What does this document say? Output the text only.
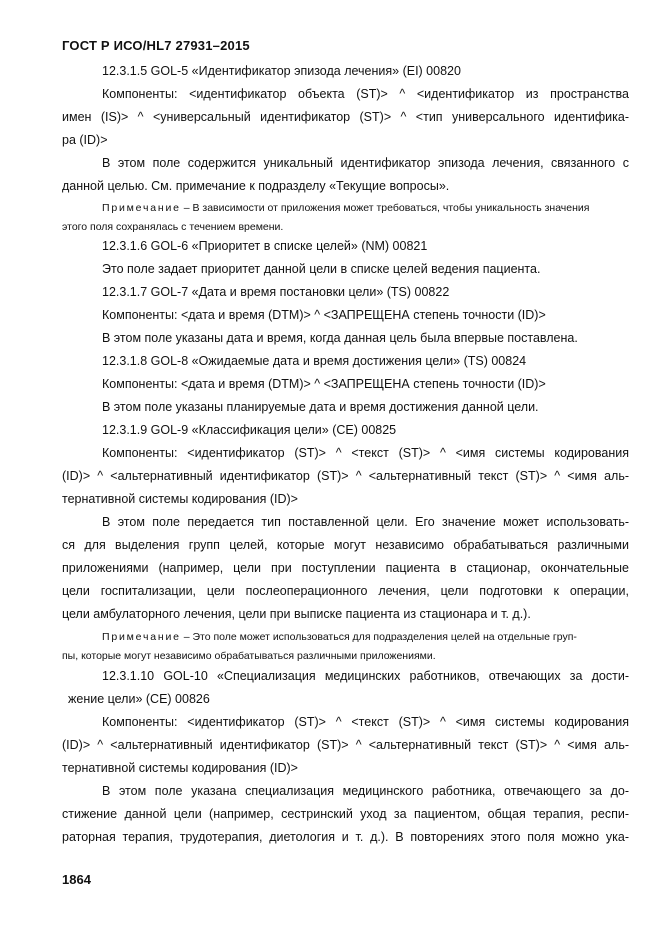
ГОСТ Р ИСО/HL7 27931–2015
12.3.1.5 GOL-5 «Идентификатор эпизода лечения» (EI) 00820
Компоненты: <идентификатор объекта (ST)> ^ <идентификатор из пространства
имен (IS)> ^ <универсальный идентификатор (ST)> ^ <тип универсального идентифика-
ра (ID)>
В этом поле содержится уникальный идентификатор эпизода лечения, связанного с
данной целью. См. примечание к подразделу «Текущие вопросы».
Примечание – В зависимости от приложения может требоваться, чтобы уникальность значения
этого поля сохранялась с течением времени.
12.3.1.6 GOL-6 «Приоритет в списке целей» (NM) 00821
Это поле задает приоритет данной цели в списке целей ведения пациента.
12.3.1.7 GOL-7 «Дата и время постановки цели» (TS) 00822
Компоненты: <дата и время (DTM)> ^ <ЗАПРЕЩЕНА степень точности (ID)>
В этом поле указаны дата и время, когда данная цель была впервые поставлена.
12.3.1.8 GOL-8 «Ожидаемые дата и время достижения цели» (TS) 00824
Компоненты: <дата и время (DTM)> ^ <ЗАПРЕЩЕНА степень точности (ID)>
В этом поле указаны планируемые дата и время достижения данной цели.
12.3.1.9 GOL-9 «Классификация цели» (CE) 00825
Компоненты: <идентификатор (ST)> ^ <текст (ST)> ^ <имя системы кодирования
(ID)> ^ <альтернативный идентификатор (ST)> ^ <альтернативный текст (ST)> ^ <имя аль-
тернативной системы кодирования (ID)>
В этом поле передается тип поставленной цели. Его значение может использовать-
ся для выделения групп целей, которые могут независимо обрабатываться различными
приложениями (например, цели при поступлении пациента в стационар, окончательные
цели госпитализации, цели послеоперационного лечения, цели подготовки к операции,
цели амбулаторного лечения, цели при выписке пациента из стационара и т. д.).
Примечание – Это поле может использоваться для подразделения целей на отдельные груп-
пы, которые могут независимо обрабатываться различными приложениями.
12.3.1.10 GOL-10 «Специализация медицинских работников, отвечающих за дости-
жение цели» (CE) 00826
Компоненты: <идентификатор (ST)> ^ <текст (ST)> ^ <имя системы кодирования
(ID)> ^ <альтернативный идентификатор (ST)> ^ <альтернативный текст (ST)> ^ <имя аль-
тернативной системы кодирования (ID)>
В этом поле указана специализация медицинского работника, отвечающего за до-
стижение данной цели (например, сестринский уход за пациентом, общая терапия, респи-
раторная терапия, трудотерапия, диетология и т. д.). В повторениях этого поля можно ука-
1864
